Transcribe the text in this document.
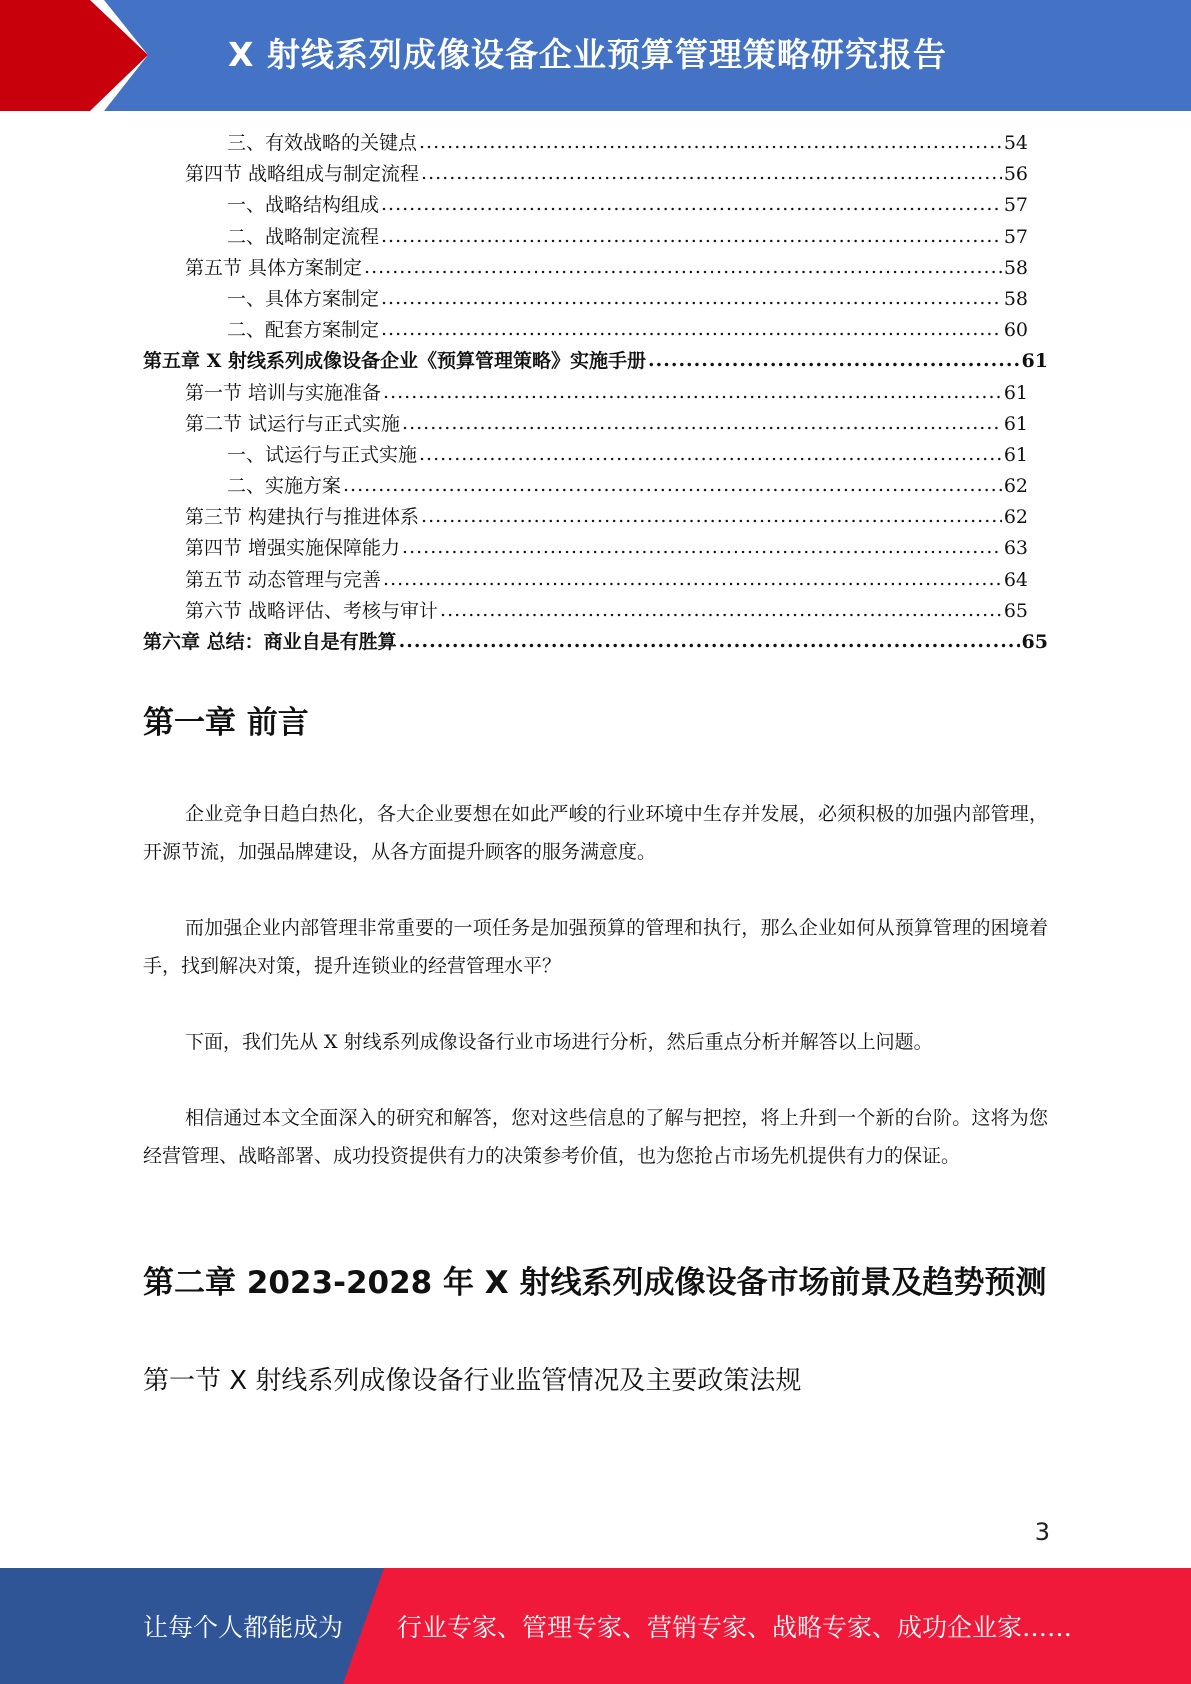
X 射线系列成像设备企业预算管理策略研究报告
三、有效战略的关键点 .....	54
第四节 战略组成与制定流程 .....	56
一、战略结构组成 .....	57
二、战略制定流程 .....	57
第五节 具体方案制定 .....	58
一、具体方案制定 .....	58
二、配套方案制定 .....	60
第五章 X 射线系列成像设备企业《预算管理策略》实施手册 .....	61
第一节 培训与实施准备 .....	61
第二节 试运行与正式实施 .....	61
一、试运行与正式实施 .....	61
二、实施方案 .....	62
第三节 构建执行与推进体系 .....	62
第四节 增强实施保障能力 .....	63
第五节 动态管理与完善 .....	64
第六节 战略评估、考核与审计 .....	65
第六章 总结：商业自是有胜算 .....	65
第一章 前言

企业竞争日趋白热化，各大企业要想在如此严峻的行业环境中生存并发展，必须积极的加强内部管理，开源节流，加强品牌建设，从各方面提升顾客的服务满意度。

而加强企业内部管理非常重要的一项任务是加强预算的管理和执行，那么企业如何从预算管理的困境着手，找到解决对策，提升连锁业的经营管理水平？

下面，我们先从 X 射线系列成像设备行业市场进行分析，然后重点分析并解答以上问题。

相信通过本文全面深入的研究和解答，您对这些信息的了解与把控，将上升到一个新的台阶。这将为您经营管理、战略部署、成功投资提供有力的决策参考价值，也为您抢占市场先机提供有力的保证。

第二章 2023-2028 年 X 射线系列成像设备市场前景及趋势预测
第一节 X 射线系列成像设备行业监管情况及主要政策法规
3
让每个人都能成为 行业专家、管理专家、营销专家、战略专家、成功企业家……
